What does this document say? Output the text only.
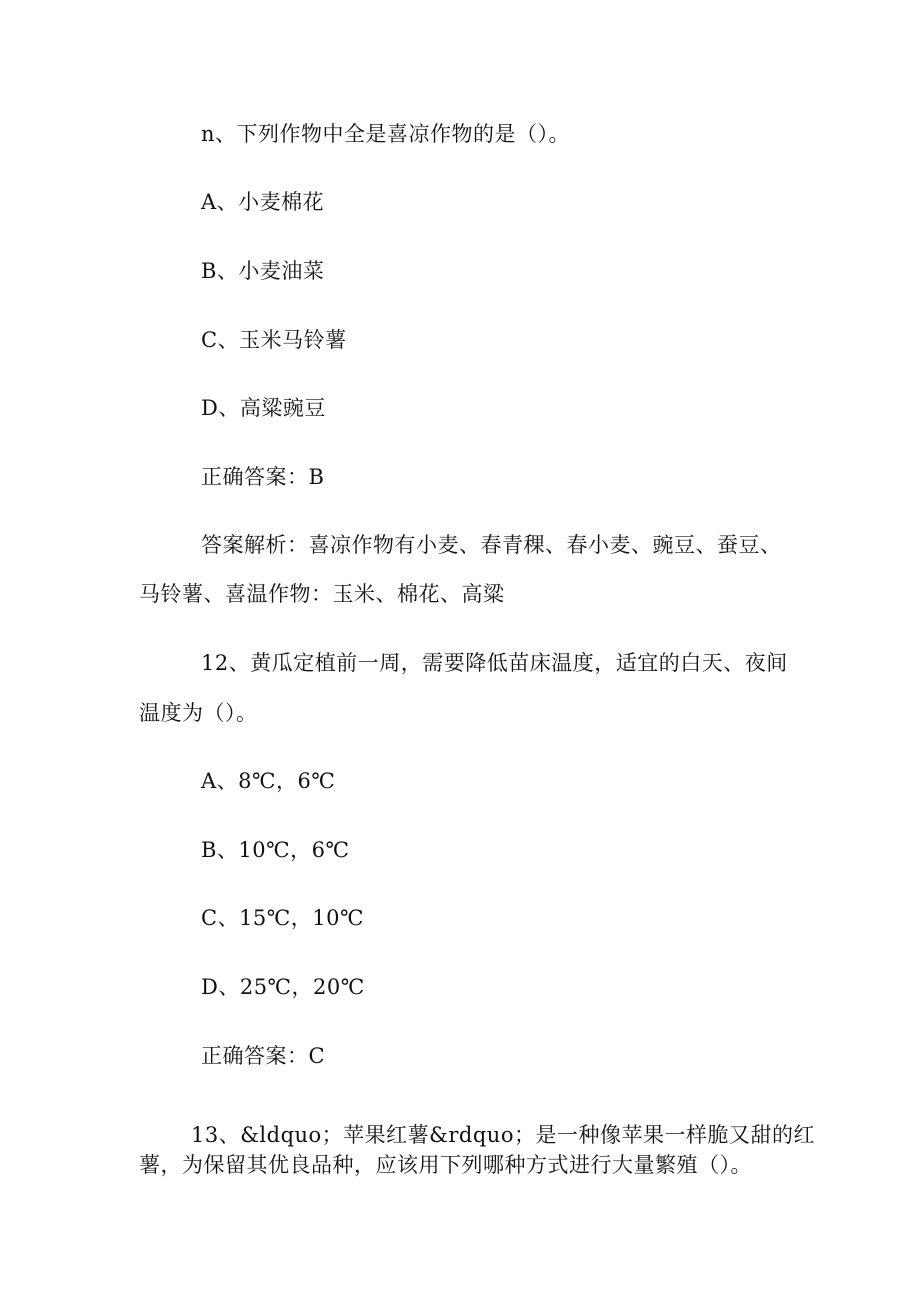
n、下列作物中全是喜凉作物的是（）。
A、小麦棉花
B、小麦油菜
C、玉米马铃薯
D、高粱豌豆
正确答案：B
答案解析：喜凉作物有小麦、春青稞、春小麦、豌豆、蚕豆、
马铃薯、喜温作物：玉米、棉花、高粱
12、黄瓜定植前一周，需要降低苗床温度，适宜的白天、夜间
温度为（）。
A、8℃，6℃
B、10℃，6℃
C、15℃，10℃
D、25℃，20℃
正确答案：C
13、&ldquo；苹果红薯&rdquo；是一种像苹果一样脆又甜的红
薯，为保留其优良品种，应该用下列哪种方式进行大量繁殖（）。
